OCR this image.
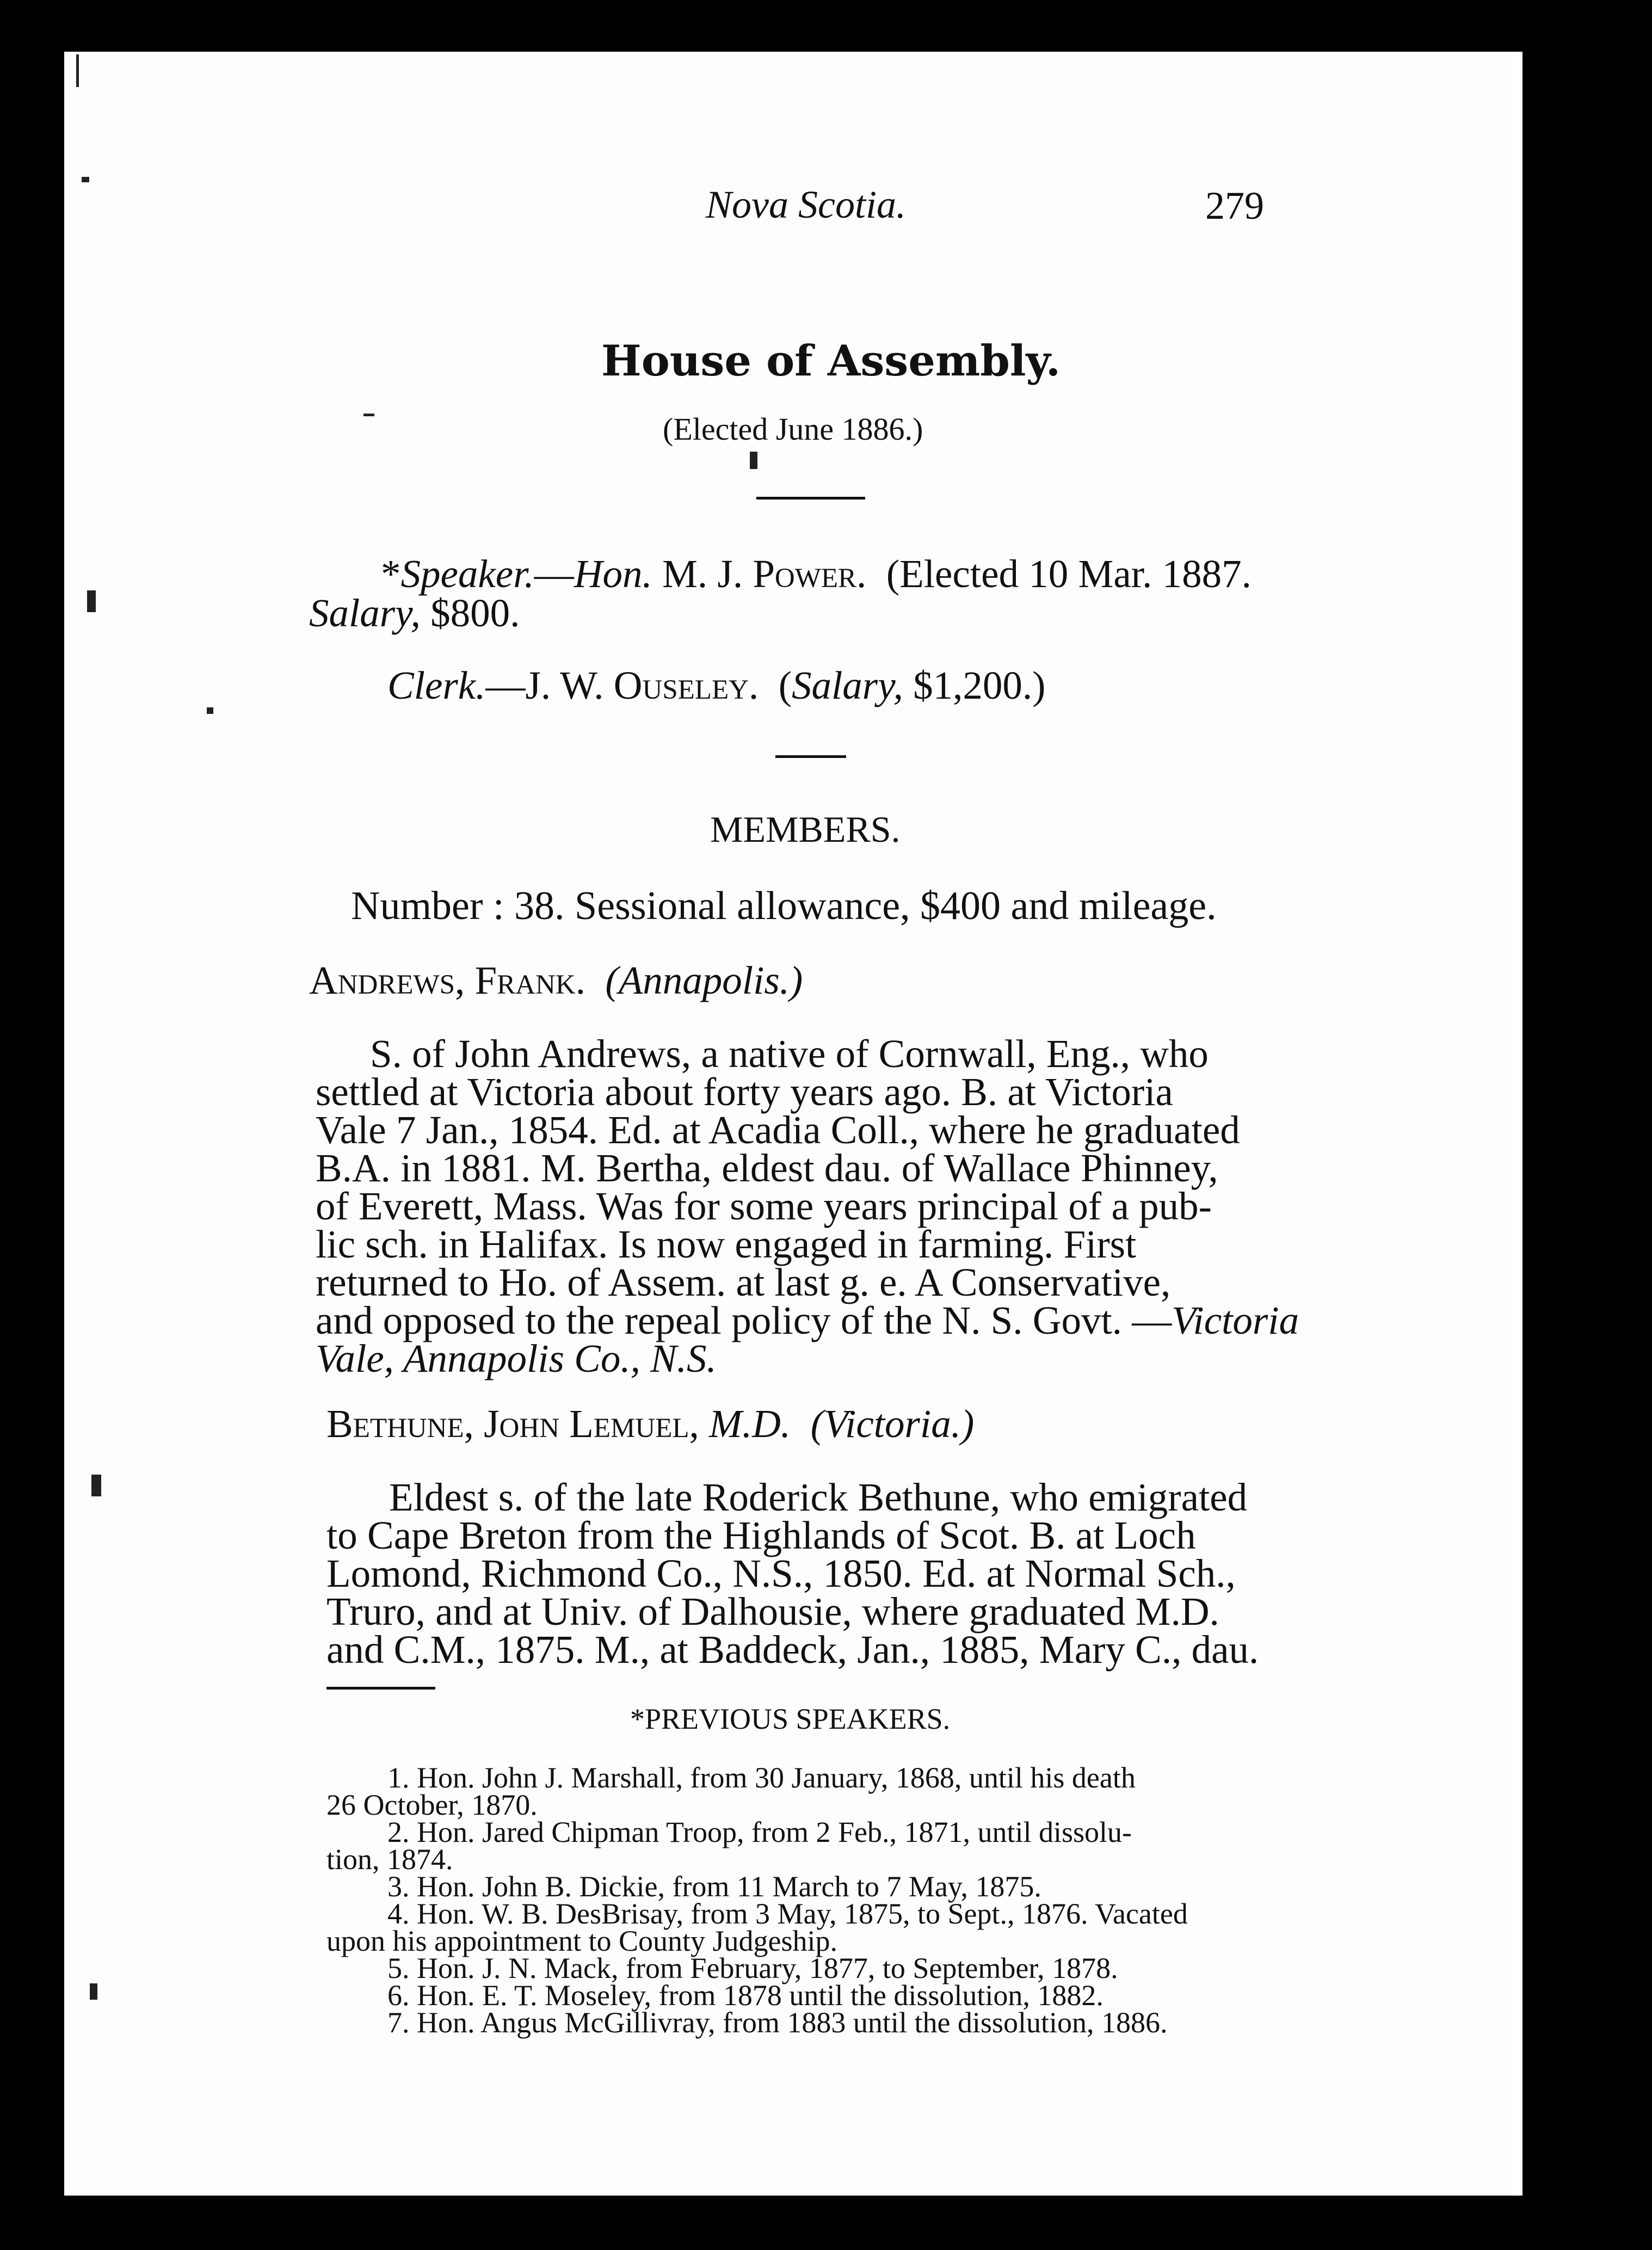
Nova Scotia.	279
House of Assembly.
(Elected June 1886.)
*Speaker.—Hon. M. J. Power. (Elected 10 Mar. 1887.
Salary, $800.
Clerk.—J. W. Ouseley. (Salary, $1,200.)
MEMBERS.
Number : 38. Sessional allowance, $400 and mileage.
Andrews, Frank. (Annapolis.)
S. of John Andrews, a native of Cornwall, Eng., who
settled at Victoria about forty years ago. B. at Victoria
Vale 7 Jan., 1854. Ed. at Acadia Coll., where he graduated
B.A. in 1881. M. Bertha, eldest dau. of Wallace Phinney,
of Everett, Mass. Was for some years principal of a pub-
lic sch. in Halifax. Is now engaged in farming. First
returned to Ho. of Assem. at last g. e. A Conservative,
and opposed to the repeal policy of the N. S. Govt. —Victoria
Vale, Annapolis Co., N.S.
Bethune, John Lemuel, M.D. (Victoria.)
Eldest s. of the late Roderick Bethune, who emigrated
to Cape Breton from the Highlands of Scot. B. at Loch
Lomond, Richmond Co., N.S., 1850. Ed. at Normal Sch.,
Truro, and at Univ. of Dalhousie, where graduated M.D.
and C.M., 1875. M., at Baddeck, Jan., 1885, Mary C., dau.
*PREVIOUS SPEAKERS.
1. Hon. John J. Marshall, from 30 January, 1868, until his death
26 October, 1870.
2. Hon. Jared Chipman Troop, from 2 Feb., 1871, until dissolu-
tion, 1874.
3. Hon. John B. Dickie, from 11 March to 7 May, 1875.
4. Hon. W. B. DesBrisay, from 3 May, 1875, to Sept., 1876. Vacated
upon his appointment to County Judgeship.
5. Hon. J. N. Mack, from February, 1877, to September, 1878.
6. Hon. E. T. Moseley, from 1878 until the dissolution, 1882.
7. Hon. Angus McGillivray, from 1883 until the dissolution, 1886.
